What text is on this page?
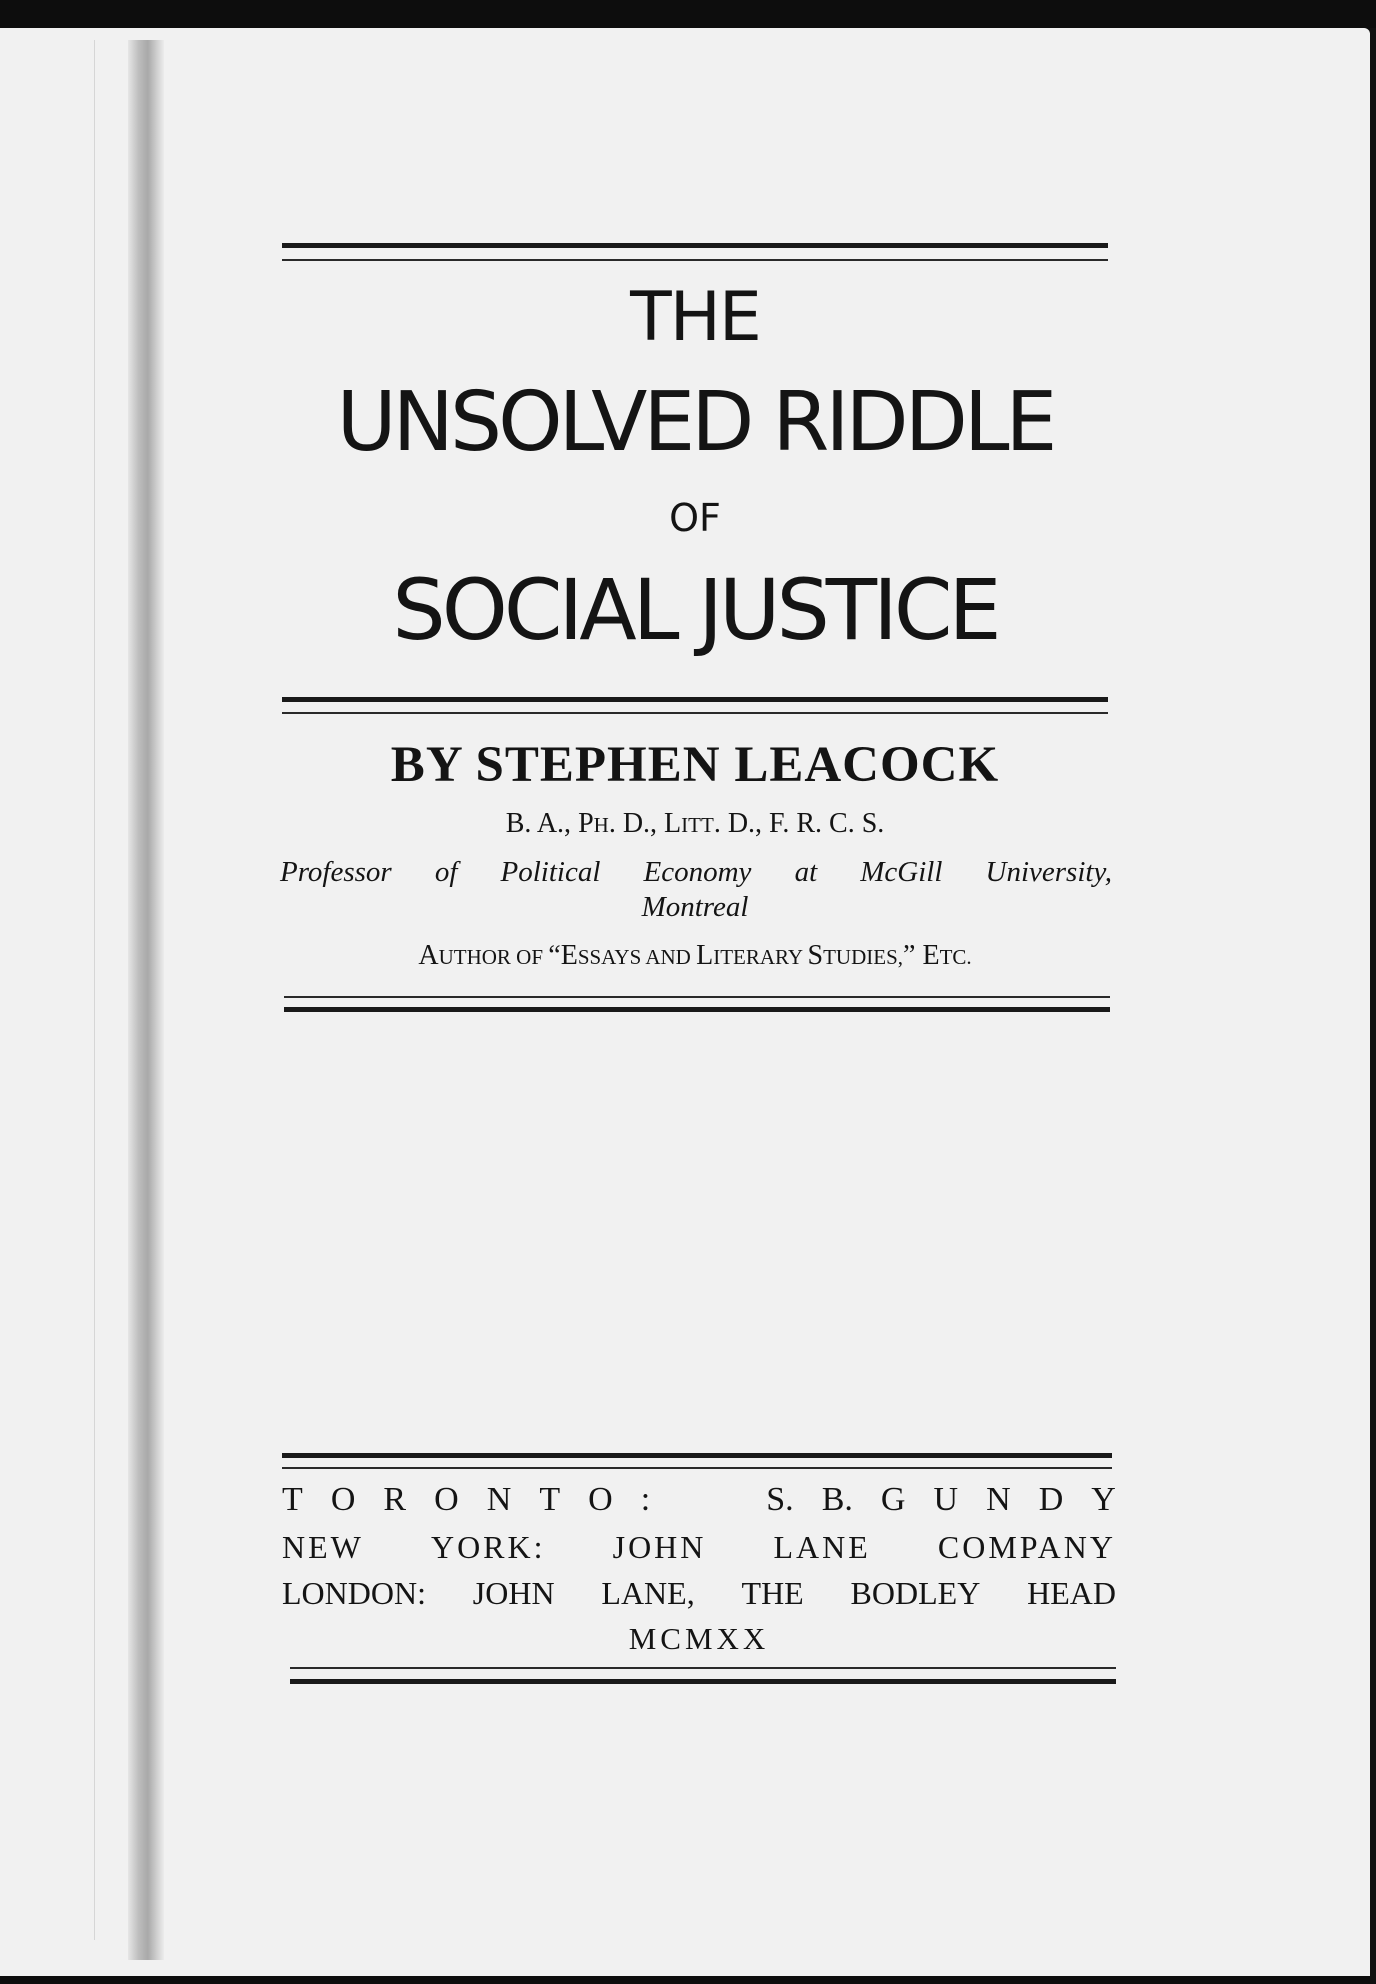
THE
UNSOLVED RIDDLE
OF
SOCIAL JUSTICE
BY STEPHEN LEACOCK
B. A., PH. D., LITT. D., F. R. C. S.
Professor of Political Economy at McGill University,
Montreal
AUTHOR OF “ESSAYS AND LITERARY STUDIES,” ETC.
T O R O N T O :	S. B. G U N D Y
NEW YORK: JOHN LANE COMPANY
LONDON: JOHN LANE, THE BODLEY HEAD
MCMXX
